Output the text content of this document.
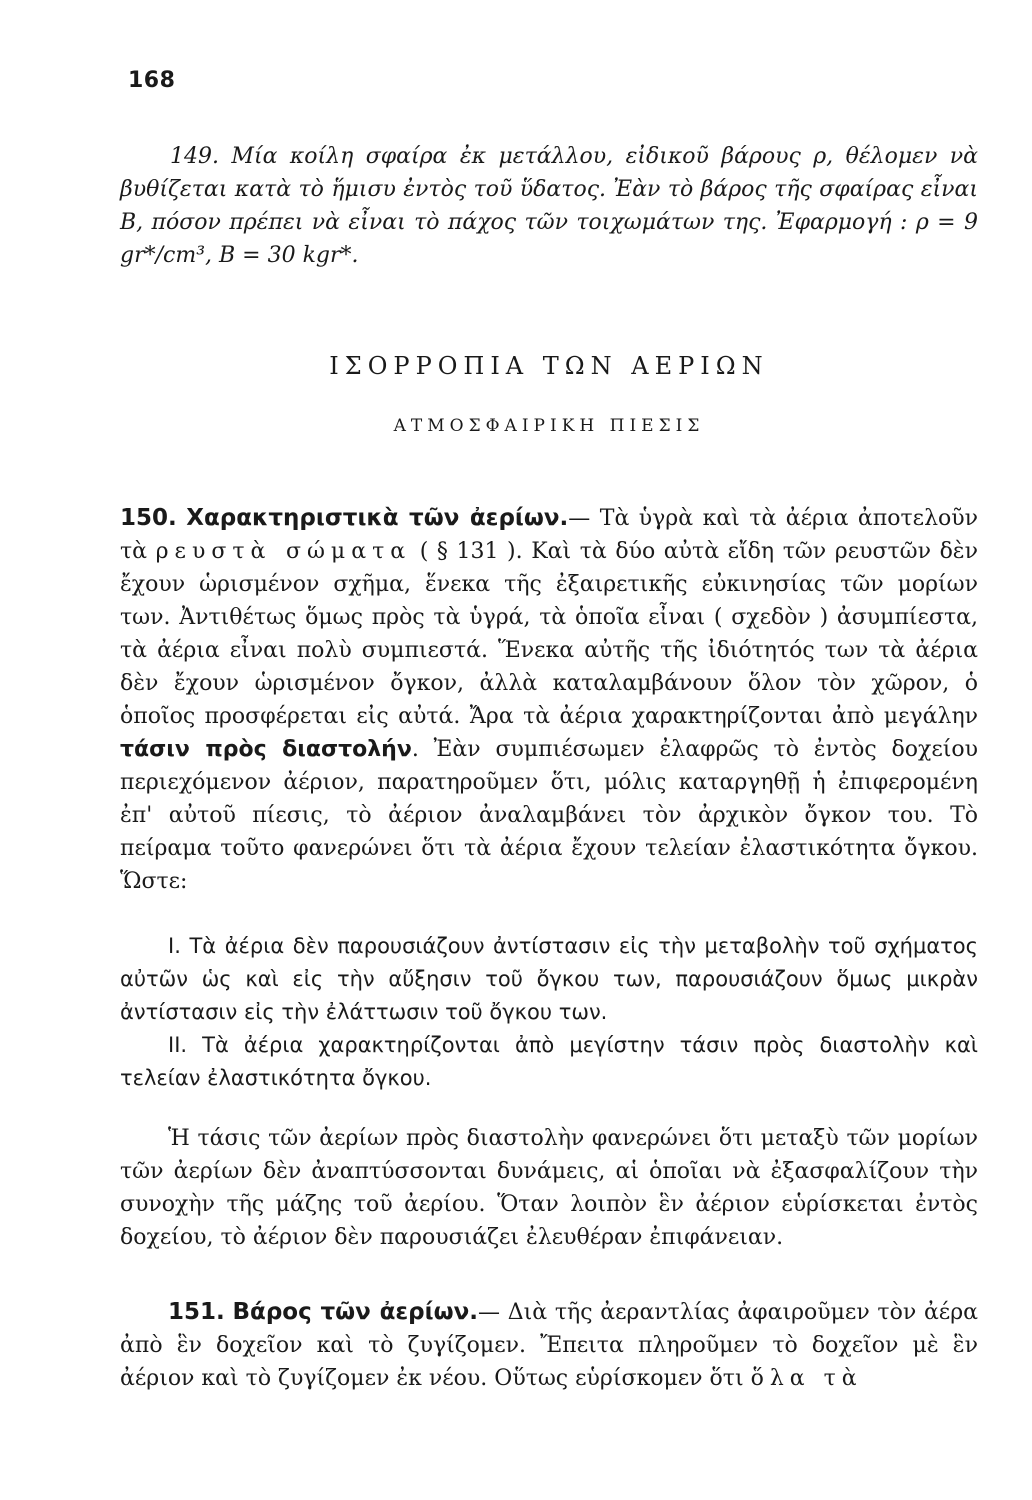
168

149. Μία κοίλη σφαίρα ἐκ μετάλλου, εἰδικοῦ βάρους ρ, θέλομεν νὰ βυθίζεται κατὰ τὸ ἥμισυ ἐντὸς τοῦ ὕδατος. Ἐὰν τὸ βάρος τῆς σφαίρας εἶναι Β, πόσον πρέπει νὰ εἶναι τὸ πάχος τῶν τοιχωμάτων της. Ἐφαρμογή : ρ = 9 gr*/cm³, Β = 30 kgr*.

ΙΣΟΡΡΟΠΙΑ ΤΩΝ ΑΕΡΙΩΝ
ΑΤΜΟΣΦΑΙΡΙΚΗ ΠΙΕΣΙΣ

150. Χαρακτηριστικὰ τῶν ἀερίων.— Τὰ ὑγρὰ καὶ τὰ ἀέρια ἀποτελοῦν τὰ ρευστὰ σώματα ( § 131 ). Καὶ τὰ δύο αὐτὰ εἴδη τῶν ρευστῶν δὲν ἔχουν ὡρισμένον σχῆμα, ἕνεκα τῆς ἐξαιρετικῆς εὐκινησίας τῶν μορίων των. Ἀντιθέτως ὅμως πρὸς τὰ ὑγρά, τὰ ὁποῖα εἶναι ( σχεδὸν ) ἀσυμπίεστα, τὰ ἀέρια εἶναι πολὺ συμπιεστά. Ἕνεκα αὐτῆς τῆς ἰδιότητός των τὰ ἀέρια δὲν ἔχουν ὡρισμένον ὄγκον, ἀλλὰ καταλαμβάνουν ὅλον τὸν χῶρον, ὁ ὁποῖος προσφέρεται εἰς αὐτά. Ἄρα τὰ ἀέρια χαρακτηρίζονται ἀπὸ μεγάλην τάσιν πρὸς διαστολήν. Ἐὰν συμπιέσωμεν ἐλαφρῶς τὸ ἐντὸς δοχείου περιεχόμενον ἀέριον, παρατηροῦμεν ὅτι, μόλις καταργηθῇ ἡ ἐπιφερομένη ἐπ' αὐτοῦ πίεσις, τὸ ἀέριον ἀναλαμβάνει τὸν ἀρχικὸν ὄγκον του. Τὸ πείραμα τοῦτο φανερώνει ὅτι τὰ ἀέρια ἔχουν τελείαν ἐλαστικότητα ὄγκου. Ὥστε:

I. Τὰ ἀέρια δὲν παρουσιάζουν ἀντίστασιν εἰς τὴν μεταβολὴν τοῦ σχήματος αὐτῶν ὡς καὶ εἰς τὴν αὔξησιν τοῦ ὄγκου των, παρουσιάζουν ὅμως μικρὰν ἀντίστασιν εἰς τὴν ἐλάττωσιν τοῦ ὄγκου των.

II. Τὰ ἀέρια χαρακτηρίζονται ἀπὸ μεγίστην τάσιν πρὸς διαστολὴν καὶ τελείαν ἐλαστικότητα ὄγκου.

Ἡ τάσις τῶν ἀερίων πρὸς διαστολὴν φανερώνει ὅτι μεταξὺ τῶν μορίων τῶν ἀερίων δὲν ἀναπτύσσονται δυνάμεις, αἱ ὁποῖαι νὰ ἐξασφαλίζουν τὴν συνοχὴν τῆς μάζης τοῦ ἀερίου. Ὅταν λοιπὸν ἓν ἀέριον εὑρίσκεται ἐντὸς δοχείου, τὸ ἀέριον δὲν παρουσιάζει ἐλευθέραν ἐπιφάνειαν.

151. Βάρος τῶν ἀερίων.— Διὰ τῆς ἀεραντλίας ἀφαιροῦμεν τὸν ἀέρα ἀπὸ ἓν δοχεῖον καὶ τὸ ζυγίζομεν. Ἔπειτα πληροῦμεν τὸ δοχεῖον μὲ ἓν ἀέριον καὶ τὸ ζυγίζομεν ἐκ νέου. Οὕτως εὑρίσκομεν ὅτι ὅλα τὰ
